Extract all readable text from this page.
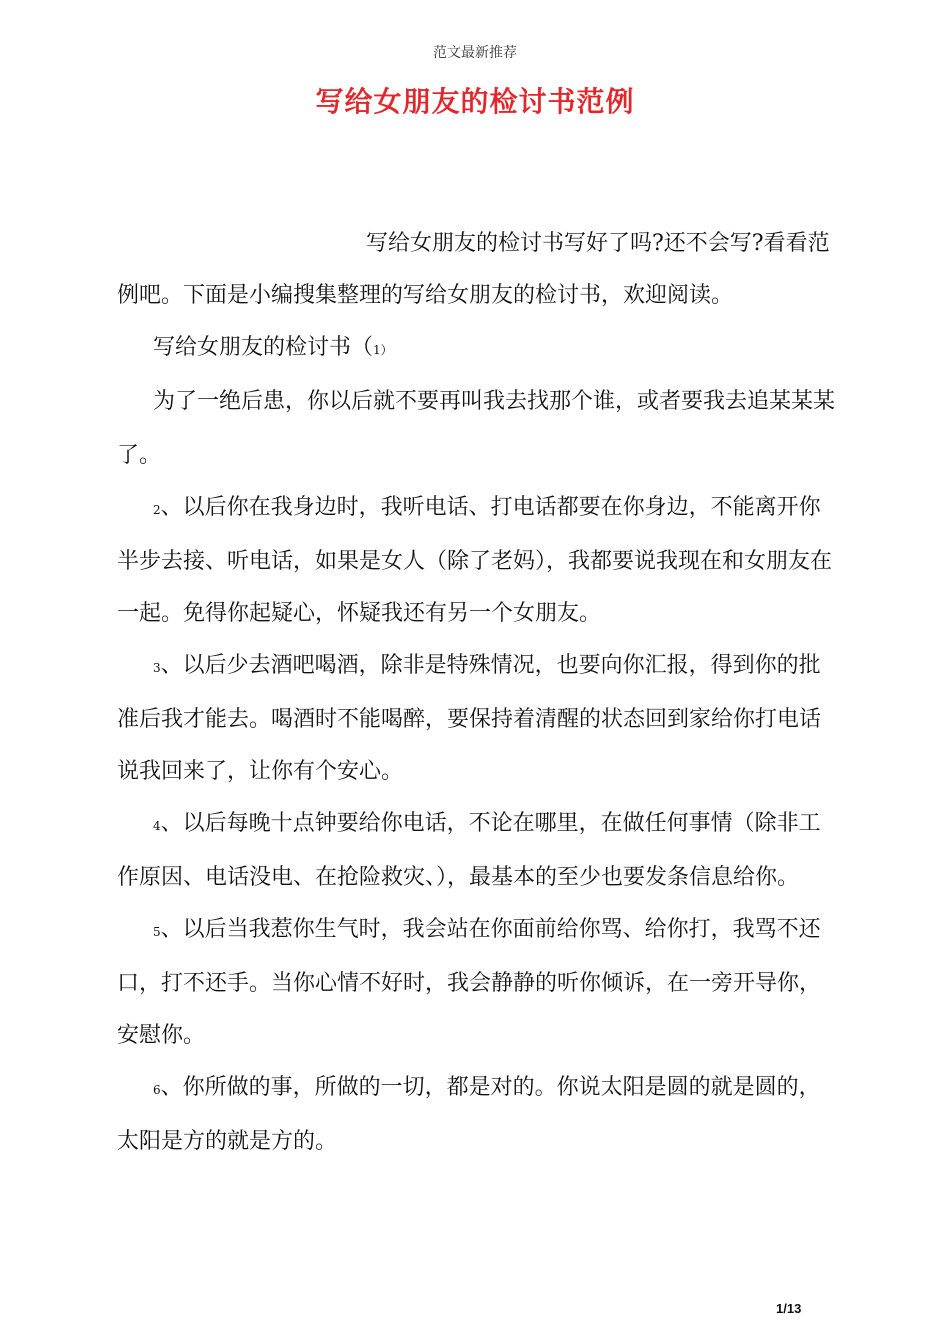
范文最新推荐
写给女朋友的检讨书范例

写给女朋友的检讨书写好了吗?还不会写?看看范例吧。下面是小编搜集整理的写给女朋友的检讨书，欢迎阅读。

写给女朋友的检讨书（1）

为了一绝后患，你以后就不要再叫我去找那个谁，或者要我去追某某某了。

2、以后你在我身边时，我听电话、打电话都要在你身边，不能离开你半步去接、听电话，如果是女人（除了老妈），我都要说我现在和女朋友在一起。免得你起疑心，怀疑我还有另一个女朋友。

3、以后少去酒吧喝酒，除非是特殊情况，也要向你汇报，得到你的批准后我才能去。喝酒时不能喝醉，要保持着清醒的状态回到家给你打电话说我回来了，让你有个安心。

4、以后每晚十点钟要给你电话，不论在哪里，在做任何事情（除非工作原因、电话没电、在抢险救灾、），最基本的至少也要发条信息给你。

5、以后当我惹你生气时，我会站在你面前给你骂、给你打，我骂不还口，打不还手。当你心情不好时，我会静静的听你倾诉，在一旁开导你，安慰你。

6、你所做的事，所做的一切，都是对的。你说太阳是圆的就是圆的，太阳是方的就是方的。

1/13
